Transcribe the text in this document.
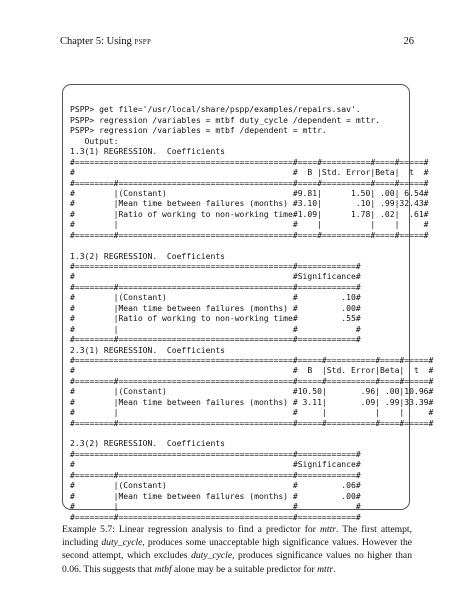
Chapter 5: Using pspp	26
PSPP> get file='/usr/local/share/pspp/examples/repairs.sav'.
PSPP> regression /variables = mtbf duty_cycle /dependent = mttr.
PSPP> regression /variables = mtbf /dependent = mttr.
Output:
1.3(1) REGRESSION.  Coefficients
#=============================================#====#==========#====#=====#
#                                             #  B |Std. Error|Beta|  t  #
#========#====================================#====#==========#====#=====#
#        |(Constant)                          #9.81|      1.50| .00| 6.54#
#        |Mean time between failures (months) #3.10|       .10| .99|32.43#
#        |Ratio of working to non-working time#1.09|      1.78| .02|  .61#
#        |                                    #    |          |    |     #
#========#====================================#====#==========#====#=====#
1.3(2) REGRESSION.  Coefficients
#=============================================#============#
#                                             #Significance#
#========#====================================#============#
#        |(Constant)                          #         .10#
#        |Mean time between failures (months) #         .00#
#        |Ratio of working to non-working time#         .55#
#        |                                    #            #
#========#====================================#============#
2.3(1) REGRESSION.  Coefficients
#=============================================#=====#==========#====#=====#
#                                             #  B  |Std. Error|Beta|  t  #
#========#====================================#=====#==========#====#=====#
#        |(Constant)                          #10.50|       .96| .00|10.96#
#        |Mean time between failures (months) # 3.11|       .09| .99|33.39#
#        |                                    #     |          |    |     #
#========#====================================#=====#==========#====#=====#
2.3(2) REGRESSION.  Coefficients
#=============================================#============#
#                                             #Significance#
#========#====================================#============#
#        |(Constant)                          #         .06#
#        |Mean time between failures (months) #         .00#
#        |                                    #            #
#========#====================================#============#
Example 5.7: Linear regression analysis to find a predictor for mttr. The first attempt, including duty_cycle, produces some unacceptable high significance values. However the second attempt, which excludes duty_cycle, produces significance values no higher than 0.06. This suggests that mtbf alone may be a suitable predictor for mttr.
